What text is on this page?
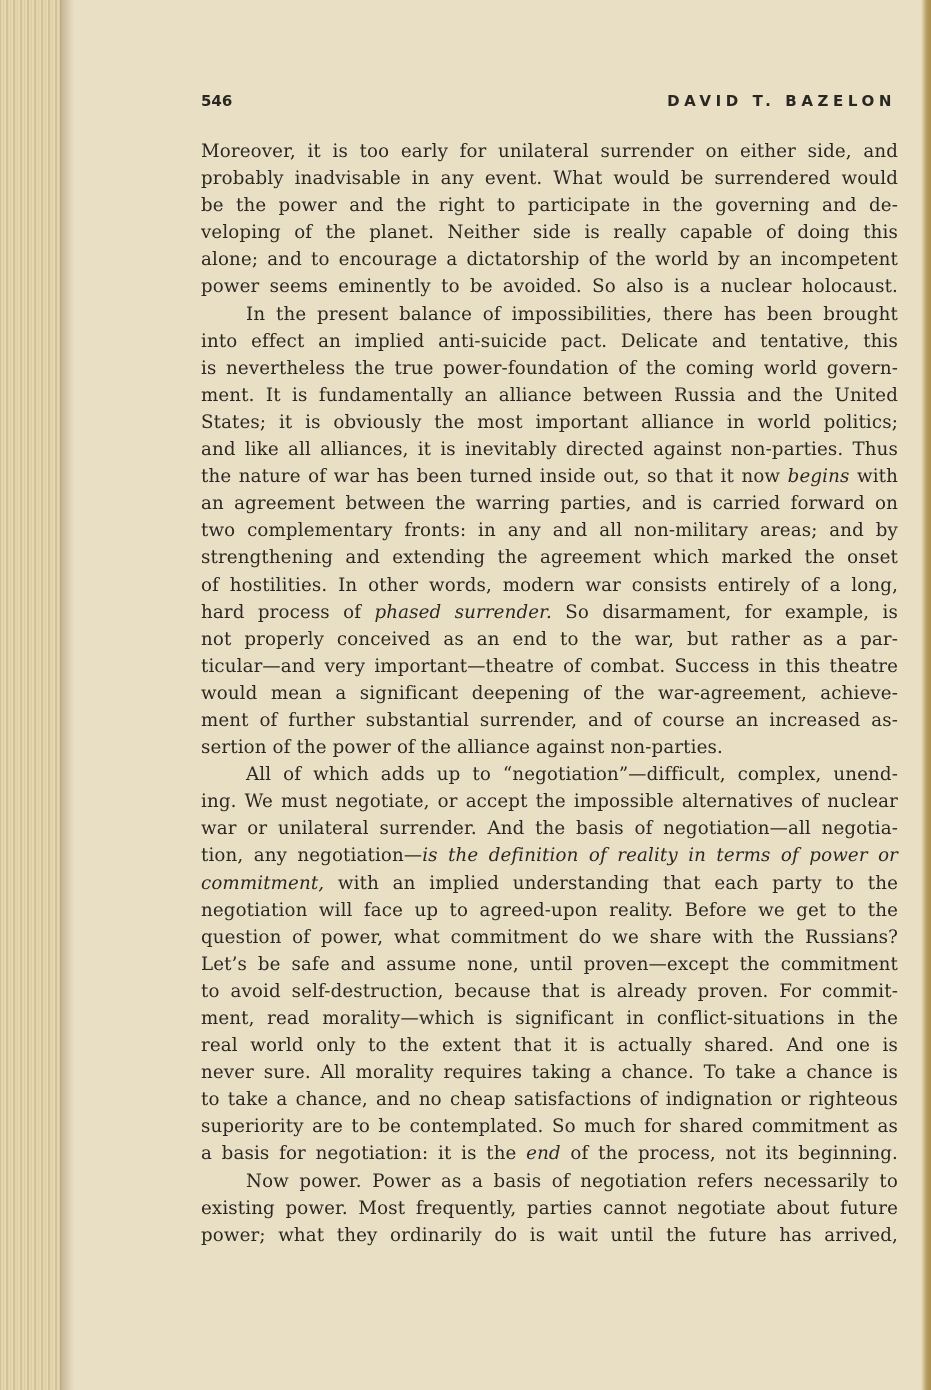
546	DAVID T. BAZELON
Moreover, it is too early for unilateral surrender on either side, and
probably inadvisable in any event. What would be surrendered would
be the power and the right to participate in the governing and de-
veloping of the planet. Neither side is really capable of doing this
alone; and to encourage a dictatorship of the world by an incompetent
power seems eminently to be avoided. So also is a nuclear holocaust.
In the present balance of impossibilities, there has been brought
into effect an implied anti-suicide pact. Delicate and tentative, this
is nevertheless the true power-foundation of the coming world govern-
ment. It is fundamentally an alliance between Russia and the United
States; it is obviously the most important alliance in world politics;
and like all alliances, it is inevitably directed against non-parties. Thus
the nature of war has been turned inside out, so that it now begins with
an agreement between the warring parties, and is carried forward on
two complementary fronts: in any and all non-military areas; and by
strengthening and extending the agreement which marked the onset
of hostilities. In other words, modern war consists entirely of a long,
hard process of phased surrender. So disarmament, for example, is
not properly conceived as an end to the war, but rather as a par-
ticular—and very important—theatre of combat. Success in this theatre
would mean a significant deepening of the war-agreement, achieve-
ment of further substantial surrender, and of course an increased as-
sertion of the power of the alliance against non-parties.
All of which adds up to “negotiation”—difficult, complex, unend-
ing. We must negotiate, or accept the impossible alternatives of nuclear
war or unilateral surrender. And the basis of negotiation—all negotia-
tion, any negotiation—is the definition of reality in terms of power or
commitment, with an implied understanding that each party to the
negotiation will face up to agreed-upon reality. Before we get to the
question of power, what commitment do we share with the Russians?
Let’s be safe and assume none, until proven—except the commitment
to avoid self-destruction, because that is already proven. For commit-
ment, read morality—which is significant in conflict-situations in the
real world only to the extent that it is actually shared. And one is
never sure. All morality requires taking a chance. To take a chance is
to take a chance, and no cheap satisfactions of indignation or righteous
superiority are to be contemplated. So much for shared commitment as
a basis for negotiation: it is the end of the process, not its beginning.
Now power. Power as a basis of negotiation refers necessarily to
existing power. Most frequently, parties cannot negotiate about future
power; what they ordinarily do is wait until the future has arrived,
